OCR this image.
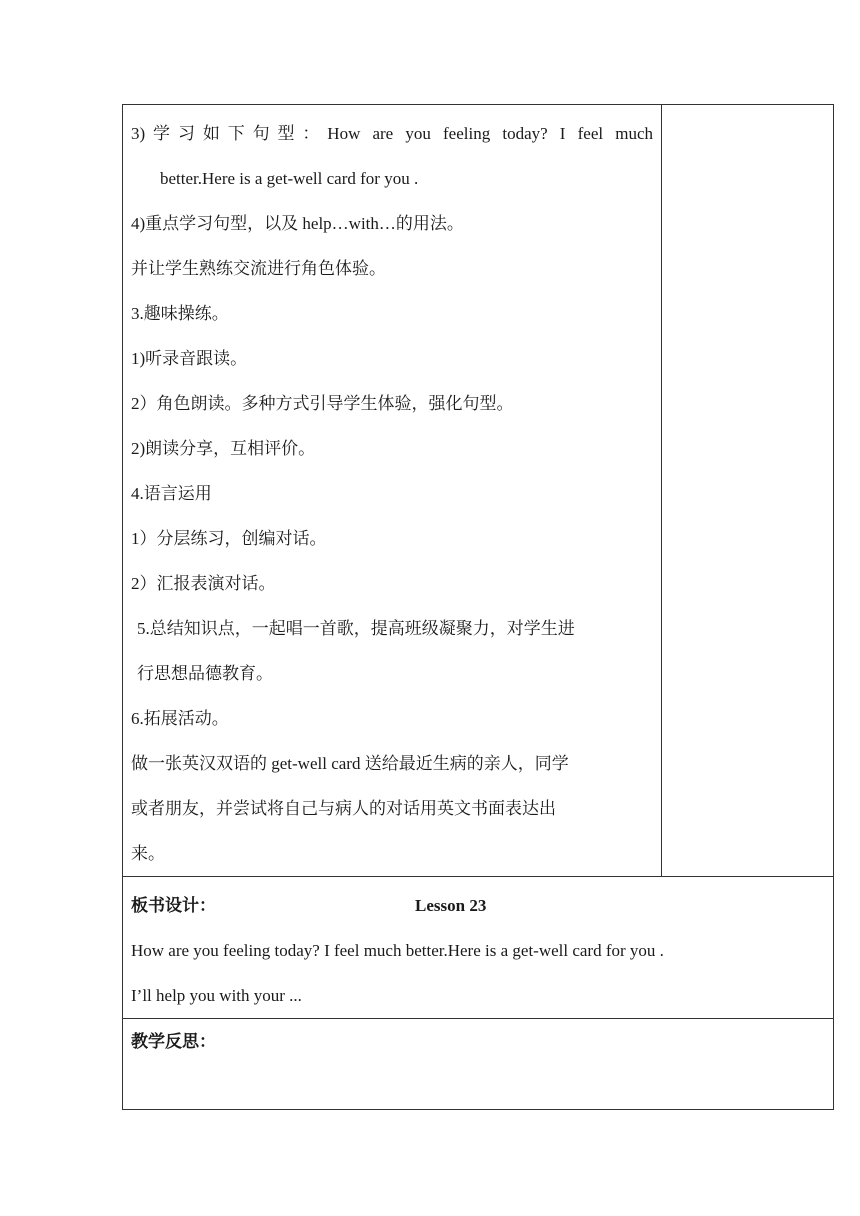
3)学习如下句型：How are you feeling today? I feel much
better.Here is a get-well card for you .
4)重点学习句型，以及 help…with…的用法。
并让学生熟练交流进行角色体验。
3.趣味操练。
1)听录音跟读。
2）角色朗读。多种方式引导学生体验，强化句型。
2)朗读分享，互相评价。
4.语言运用
1）分层练习，创编对话。
2）汇报表演对话。
5.总结知识点，一起唱一首歌，提高班级凝聚力，对学生进
行思想品德教育。
6.拓展活动。
做一张英汉双语的 get-well card 送给最近生病的亲人，同学
或者朋友，并尝试将自己与病人的对话用英文书面表达出
来。

板书设计：	Lesson 23
How are you feeling today? I feel much better.Here is a get-well card for you .
I’ll help you with your ...

教学反思：
